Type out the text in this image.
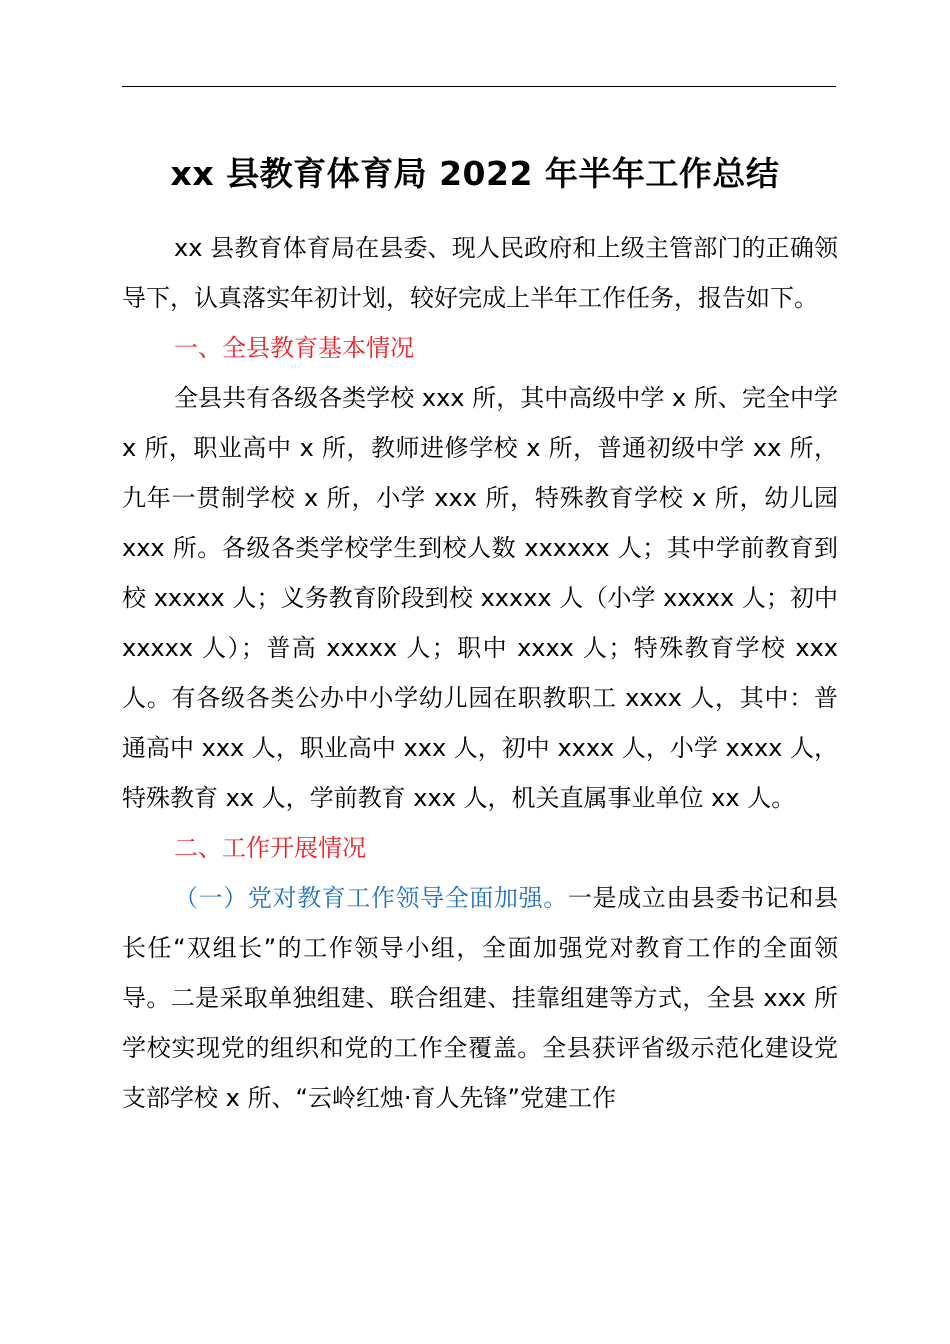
xx 县教育体育局 2022 年半年工作总结

xx 县教育体育局在县委、现人民政府和上级主管部门的正确领导下，认真落实年初计划，较好完成上半年工作任务，报告如下。

一、全县教育基本情况

全县共有各级各类学校 xxx 所，其中高级中学 x 所、完全中学 x 所，职业高中 x 所，教师进修学校 x 所，普通初级中学 xx 所，九年一贯制学校 x 所，小学 xxx 所，特殊教育学校 x 所，幼儿园 xxx 所。各级各类学校学生到校人数 xxxxxx 人；其中学前教育到校 xxxxx 人；义务教育阶段到校 xxxxx 人（小学 xxxxx 人；初中 xxxxx 人）；普高 xxxxx 人；职中 xxxx 人；特殊教育学校 xxx 人。有各级各类公办中小学幼儿园在职教职工 xxxx 人，其中：普通高中 xxx 人，职业高中 xxx 人，初中 xxxx 人，小学 xxxx 人，特殊教育 xx 人，学前教育 xxx 人，机关直属事业单位 xx 人。

二、工作开展情况

（一）党对教育工作领导全面加强。一是成立由县委书记和县长任“双组长”的工作领导小组，全面加强党对教育工作的全面领导。二是采取单独组建、联合组建、挂靠组建等方式，全县 xxx 所学校实现党的组织和党的工作全覆盖。全县获评省级示范化建设党支部学校 x 所、“云岭红烛·育人先锋”党建工作
